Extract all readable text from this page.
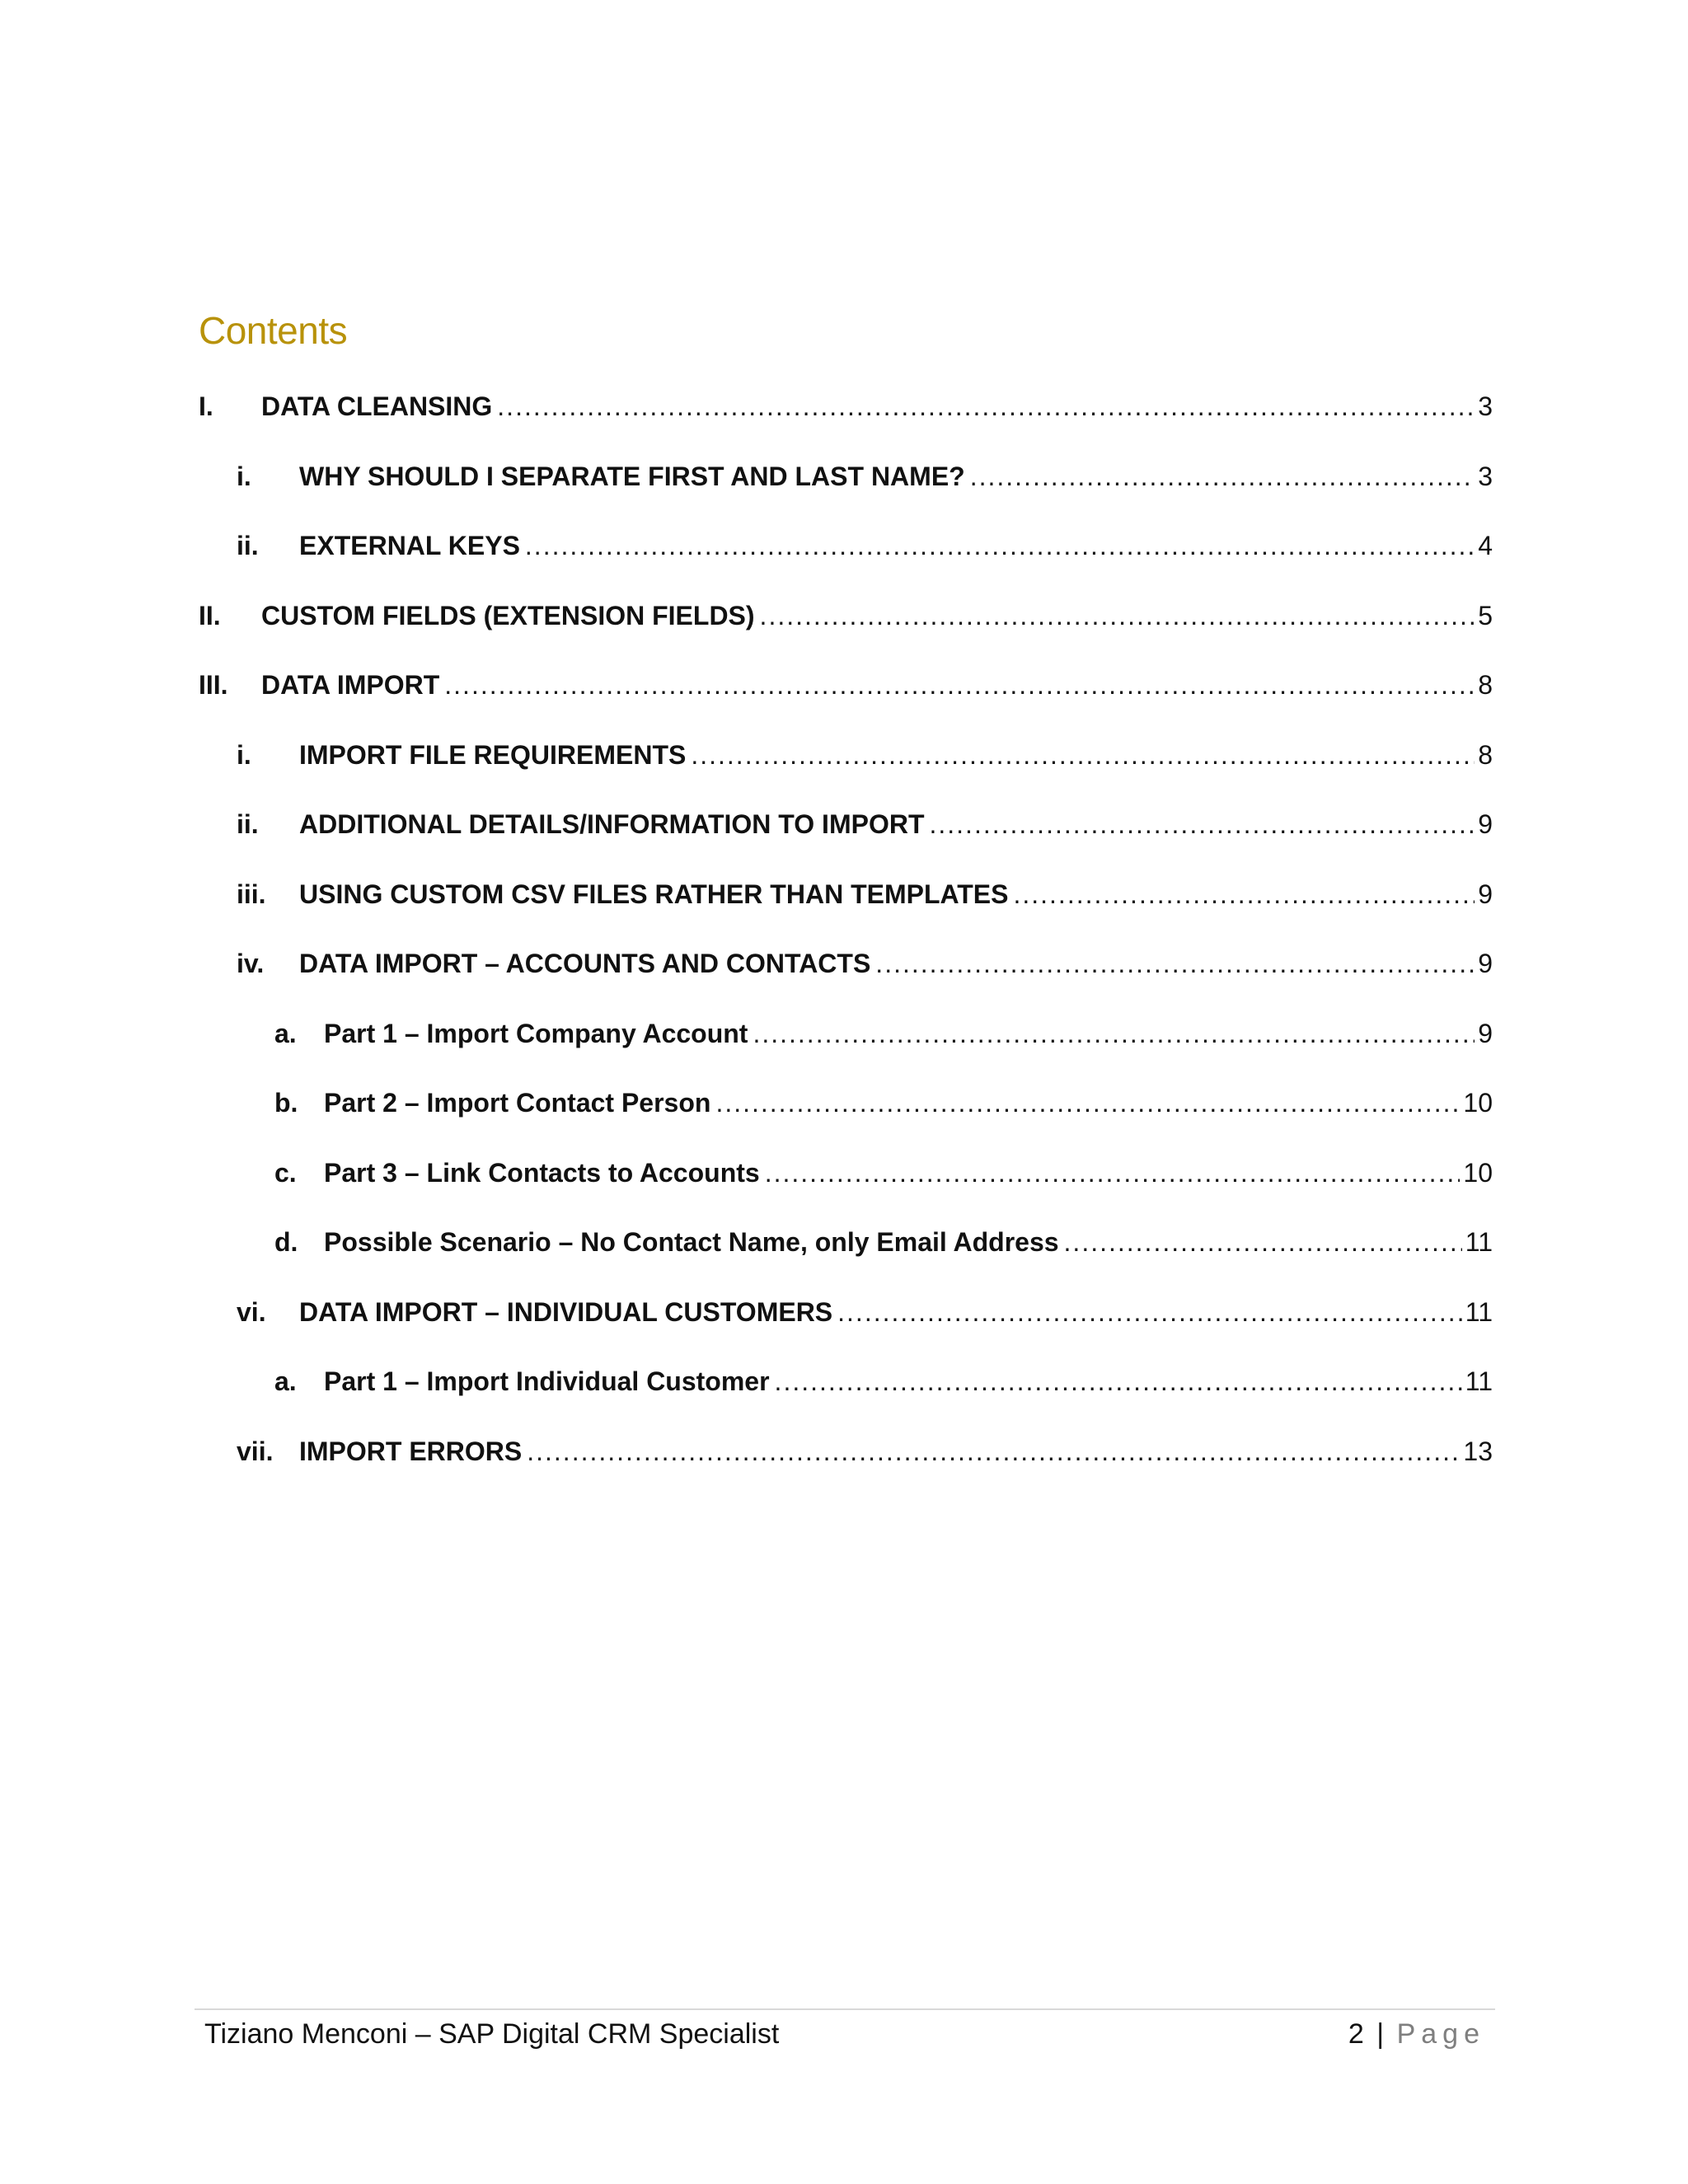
Contents
I.	DATA CLEANSING .....	3
i.	WHY SHOULD I SEPARATE FIRST AND LAST NAME? .....	3
ii.	EXTERNAL KEYS .....	4
II.	CUSTOM FIELDS (EXTENSION FIELDS) .....	5
III.	DATA IMPORT .....	8
i.	IMPORT FILE REQUIREMENTS .....	8
ii.	ADDITIONAL DETAILS/INFORMATION TO IMPORT .....	9
iii.	USING CUSTOM CSV FILES RATHER THAN TEMPLATES .....	9
iv.	DATA IMPORT – ACCOUNTS AND CONTACTS .....	9
a.	Part 1 – Import Company Account .....	9
b. Part 2 – Import Contact Person .....	10
c.	Part 3 – Link Contacts to Accounts .....	10
d. Possible Scenario – No Contact Name, only Email Address .....	11
vi.	DATA IMPORT – INDIVIDUAL CUSTOMERS .....	11
a.	Part 1 – Import Individual Customer .....	11
vii. IMPORT ERRORS .....	13
Tiziano Menconi – SAP Digital CRM Specialist	2 | Page
